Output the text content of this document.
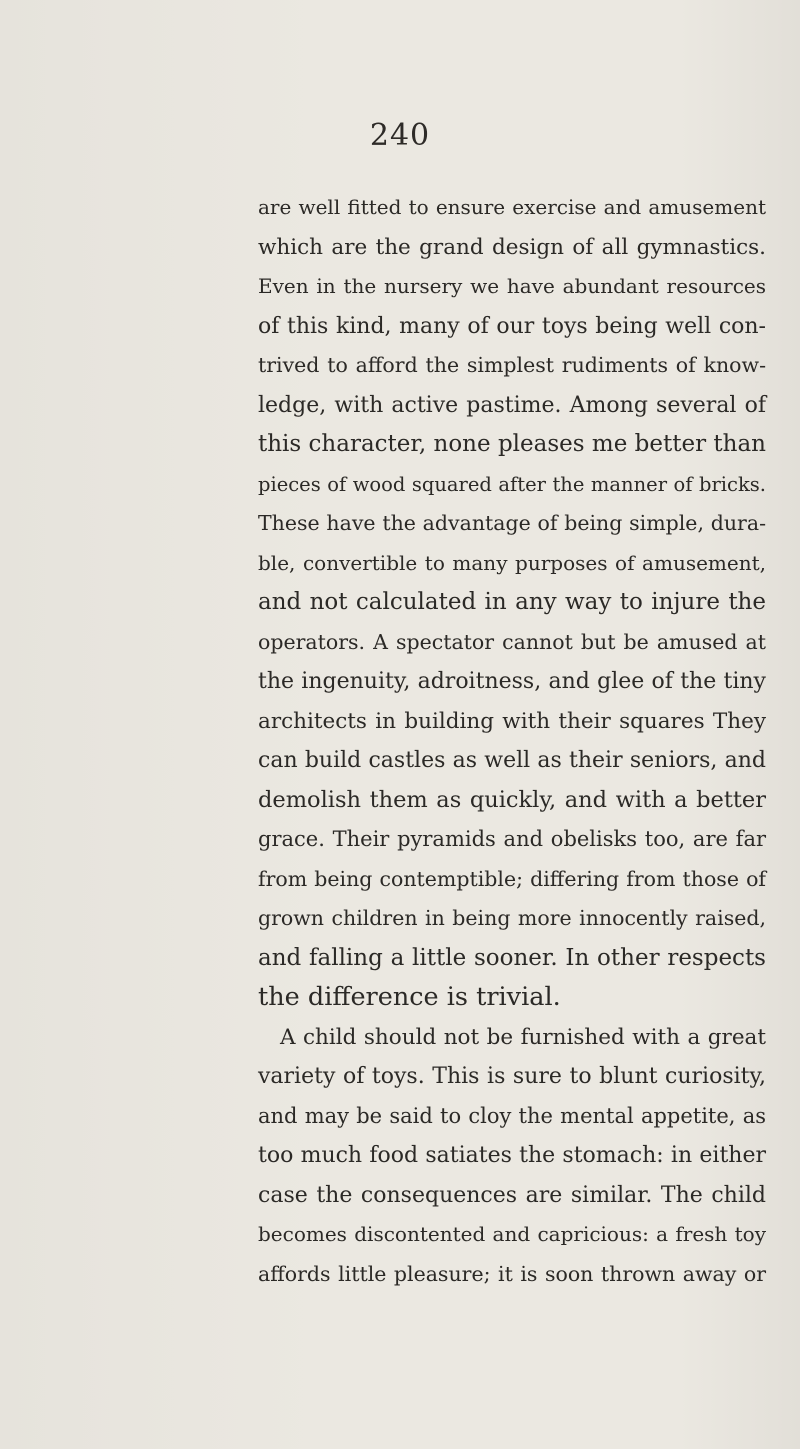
240
are well fitted to ensure exercise and amusement
which are the grand design of all gymnastics.
Even in the nursery we have abundant resources
of this kind, many of our toys being well con-
trived to afford the simplest rudiments of know-
ledge, with active pastime. Among several of
this character, none pleases me better than
pieces of wood squared after the manner of bricks.
These have the advantage of being simple, dura-
ble, convertible to many purposes of amusement,
and not calculated in any way to injure the
operators. A spectator cannot but be amused at
the ingenuity, adroitness, and glee of the tiny
architects in building with their squares They
can build castles as well as their seniors, and
demolish them as quickly, and with a better
grace. Their pyramids and obelisks too, are far
from being contemptible; differing from those of
grown children in being more innocently raised,
and falling a little sooner. In other respects
the difference is trivial.
A child should not be furnished with a great
variety of toys. This is sure to blunt curiosity,
and may be said to cloy the mental appetite, as
too much food satiates the stomach: in either
case the consequences are similar. The child
becomes discontented and capricious: a fresh toy
affords little pleasure; it is soon thrown away or
